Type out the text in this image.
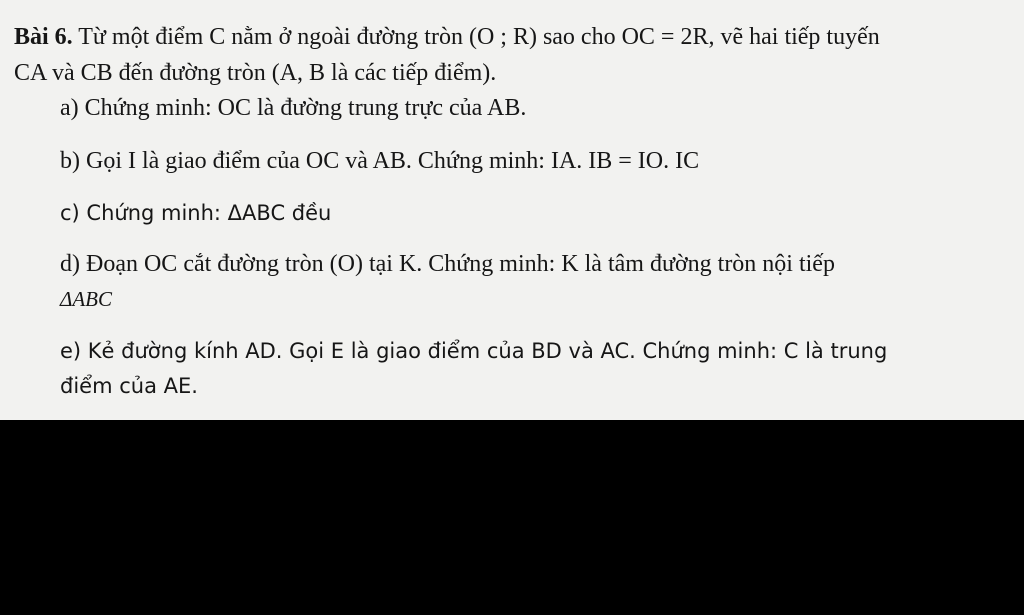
Bài 6. Từ một điểm C nằm ở ngoài đường tròn (O ; R) sao cho OC = 2R, vẽ hai tiếp tuyến
CA và CB đến đường tròn (A, B là các tiếp điểm).
a) Chứng minh: OC là đường trung trực của AB.
b) Gọi I là giao điểm của OC và AB. Chứng minh: IA. IB = IO. IC
c) Chứng minh: ΔABC đều
d) Đoạn OC cắt đường tròn (O) tại K. Chứng minh: K là tâm đường tròn nội tiếp
ΔABC
e) Kẻ đường kính AD. Gọi E là giao điểm của BD và AC. Chứng minh: C là trung
điểm của AE.
